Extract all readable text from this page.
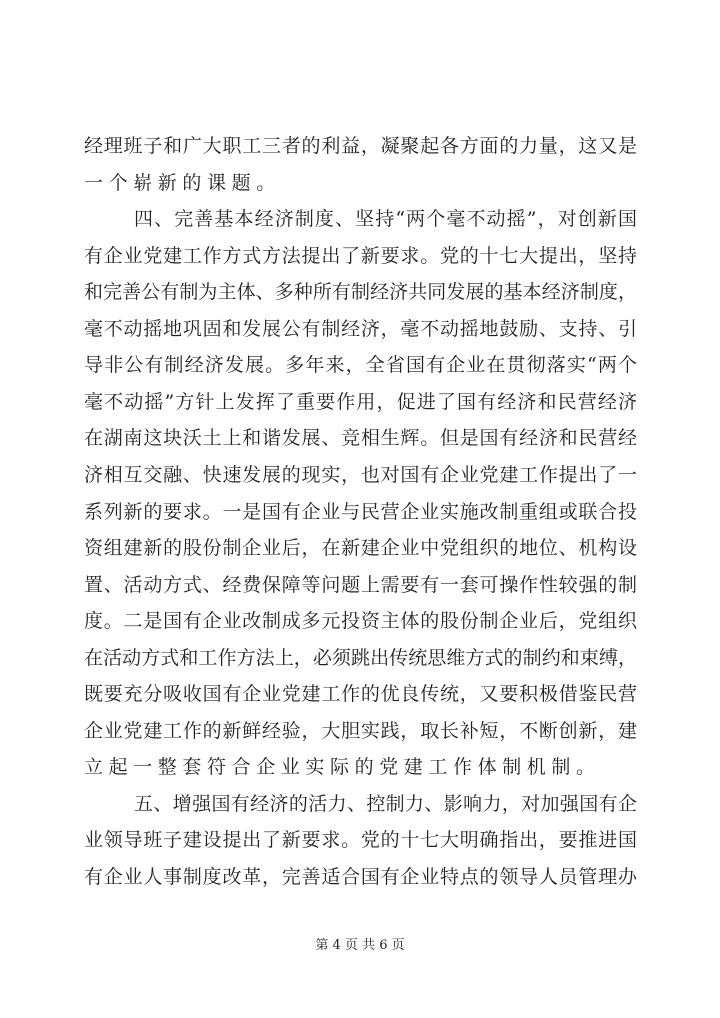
经理班子和广大职工三者的利益，凝聚起各方面的力量，这又是
一个崭新的课题。
四、完善基本经济制度、坚持“两个毫不动摇”，对创新国
有企业党建工作方式方法提出了新要求。党的十七大提出，坚持
和完善公有制为主体、多种所有制经济共同发展的基本经济制度，
毫不动摇地巩固和发展公有制经济，毫不动摇地鼓励、支持、引
导非公有制经济发展。多年来，全省国有企业在贯彻落实“两个
毫不动摇”方针上发挥了重要作用，促进了国有经济和民营经济
在湖南这块沃土上和谐发展、竞相生辉。但是国有经济和民营经
济相互交融、快速发展的现实，也对国有企业党建工作提出了一
系列新的要求。一是国有企业与民营企业实施改制重组或联合投
资组建新的股份制企业后，在新建企业中党组织的地位、机构设
置、活动方式、经费保障等问题上需要有一套可操作性较强的制
度。二是国有企业改制成多元投资主体的股份制企业后，党组织
在活动方式和工作方法上，必须跳出传统思维方式的制约和束缚，
既要充分吸收国有企业党建工作的优良传统，又要积极借鉴民营
企业党建工作的新鲜经验，大胆实践，取长补短，不断创新，建
立起一整套符合企业实际的党建工作体制机制。
五、增强国有经济的活力、控制力、影响力，对加强国有企
业领导班子建设提出了新要求。党的十七大明确指出，要推进国
有企业人事制度改革，完善适合国有企业特点的领导人员管理办
第 4 页 共 6 页
